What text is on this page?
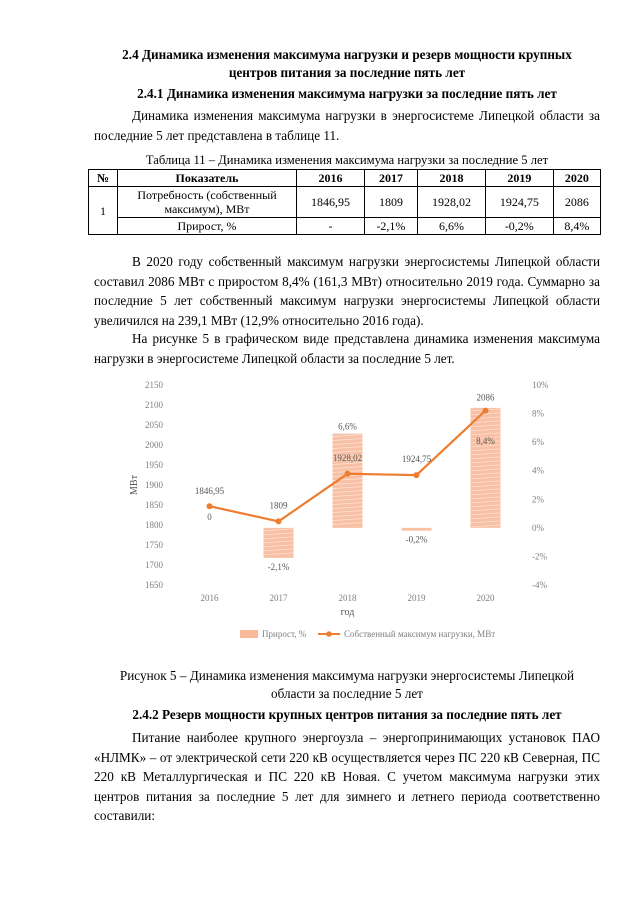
2.4 Динамика изменения максимума нагрузки и резерв мощности крупных
центров питания за последние пять лет
2.4.1 Динамика изменения максимума нагрузки за последние пять лет

Динамика изменения максимума нагрузки в энергосистеме Липецкой области за последние 5 лет представлена в таблице 11.

Таблица 11 – Динамика изменения максимума нагрузки за последние 5 лет
№	Показатель	2016	2017	2018	2019	2020
1	Потребность (собственный максимум), МВт	1846,95	1809	1928,02	1924,75	2086
	Прирост, %	-	-2,1%	6,6%	-0,2%	8,4%

В 2020 году собственный максимум нагрузки энергосистемы Липецкой области составил 2086 МВт с приростом 8,4% (161,3 МВт) относительно 2019 года. Суммарно за последние 5 лет собственный максимум нагрузки энергосистемы Липецкой области увеличился на 239,1 МВт (12,9% относительно 2016 года).

На рисунке 5 в графическом виде представлена динамика изменения максимума нагрузки в энергосистеме Липецкой области за последние 5 лет.

1650
1700
1750
1800
1850
1900
1950
2000
2050
2100
2150
-4%
-2%
0%
2%
4%
6%
8%
10%
МВт
год
2016	2017	2018	2019	2020
1846,95
1809
1928,02	1924,75
2086
0
-2,1%
6,6%
-0,2%
8,4%
Прирост, %	Собственный максимум нагрузки, МВт
Рисунок 5 – Динамика изменения максимума нагрузки энергосистемы Липецкой
области за последние 5 лет
2.4.2 Резерв мощности крупных центров питания за последние пять лет

Питание наиболее крупного энергоузла – энергопринимающих установок ПАО «НЛМК» – от электрической сети 220 кВ осуществляется через ПС 220 кВ Северная, ПС 220 кВ Металлургическая и ПС 220 кВ Новая. С учетом максимума нагрузки этих центров питания за последние 5 лет для зимнего и летнего периода соответственно составили:
